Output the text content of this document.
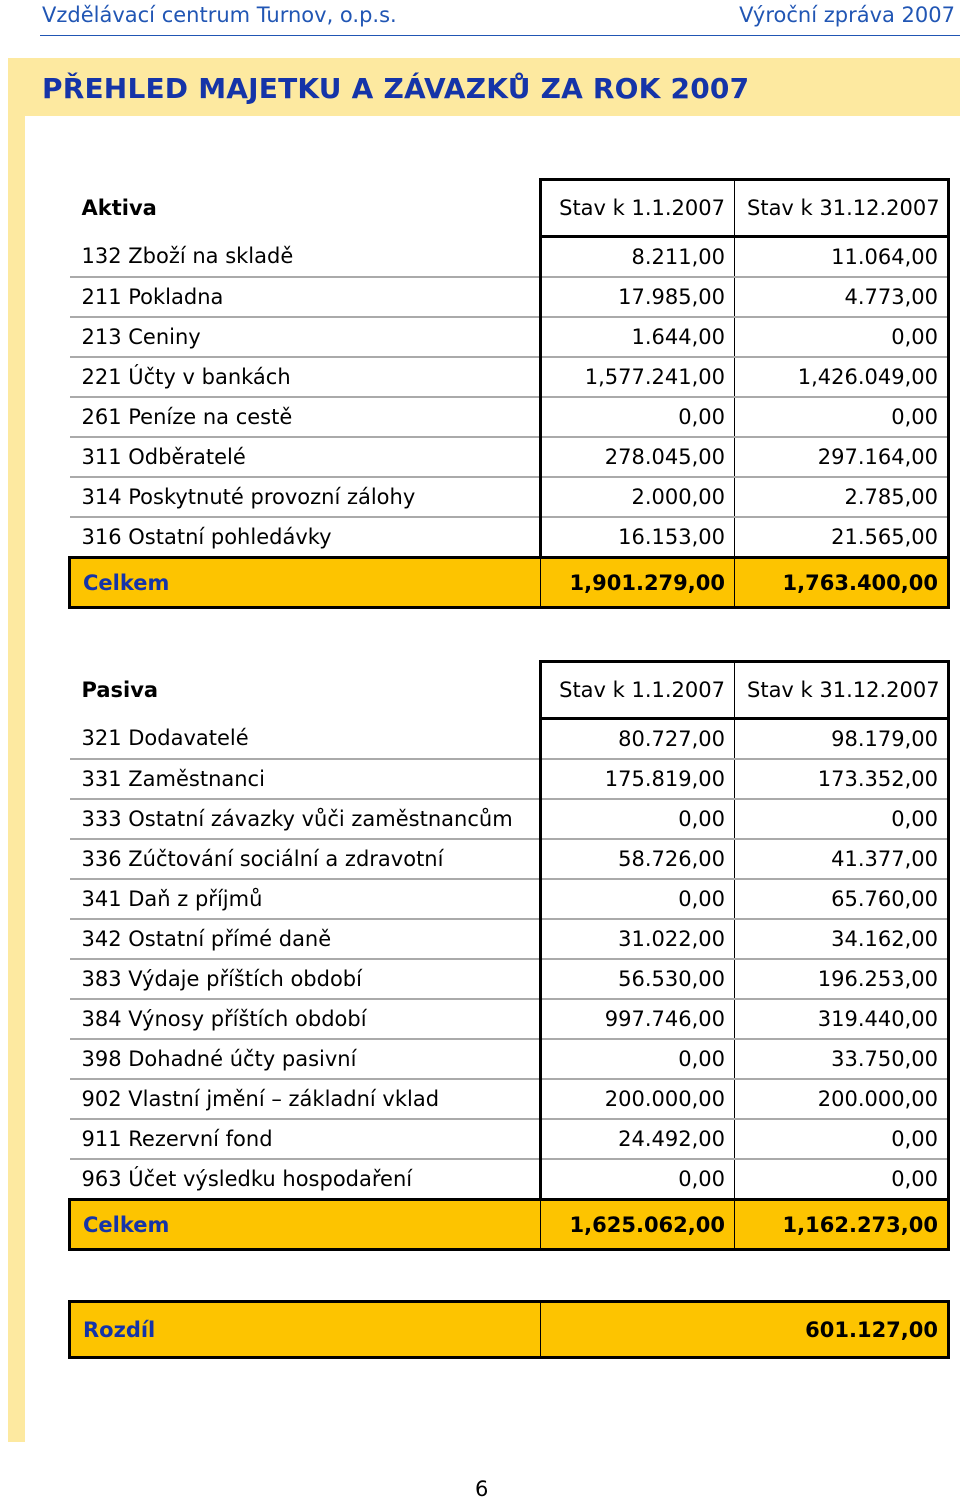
Vzdělávací centrum Turnov, o.p.s.	Výroční zpráva 2007
PŘEHLED MAJETKU A ZÁVAZKŮ ZA ROK 2007
Aktiva	Stav k 1.1.2007	Stav k 31.12.2007
132 Zboží na skladě	8.211,00	11.064,00
211 Pokladna	17.985,00	4.773,00
213 Ceniny	1.644,00	0,00
221 Účty v bankách	1,577.241,00	1,426.049,00
261 Peníze na cestě	0,00	0,00
311 Odběratelé	278.045,00	297.164,00
314 Poskytnuté provozní zálohy	2.000,00	2.785,00
316 Ostatní pohledávky	16.153,00	21.565,00
Celkem	1,901.279,00	1,763.400,00
Pasiva	Stav k 1.1.2007	Stav k 31.12.2007
321 Dodavatelé	80.727,00	98.179,00
331 Zaměstnanci	175.819,00	173.352,00
333 Ostatní závazky vůči zaměstnancům	0,00	0,00
336 Zúčtování sociální a zdravotní	58.726,00	41.377,00
341 Daň z příjmů	0,00	65.760,00
342 Ostatní přímé daně	31.022,00	34.162,00
383 Výdaje příštích období	56.530,00	196.253,00
384 Výnosy příštích období	997.746,00	319.440,00
398 Dohadné účty pasivní	0,00	33.750,00
902 Vlastní jmění – základní vklad	200.000,00	200.000,00
911 Rezervní fond	24.492,00	0,00
963 Účet výsledku hospodaření	0,00	0,00
Celkem	1,625.062,00	1,162.273,00
Rozdíl		601.127,00
6
